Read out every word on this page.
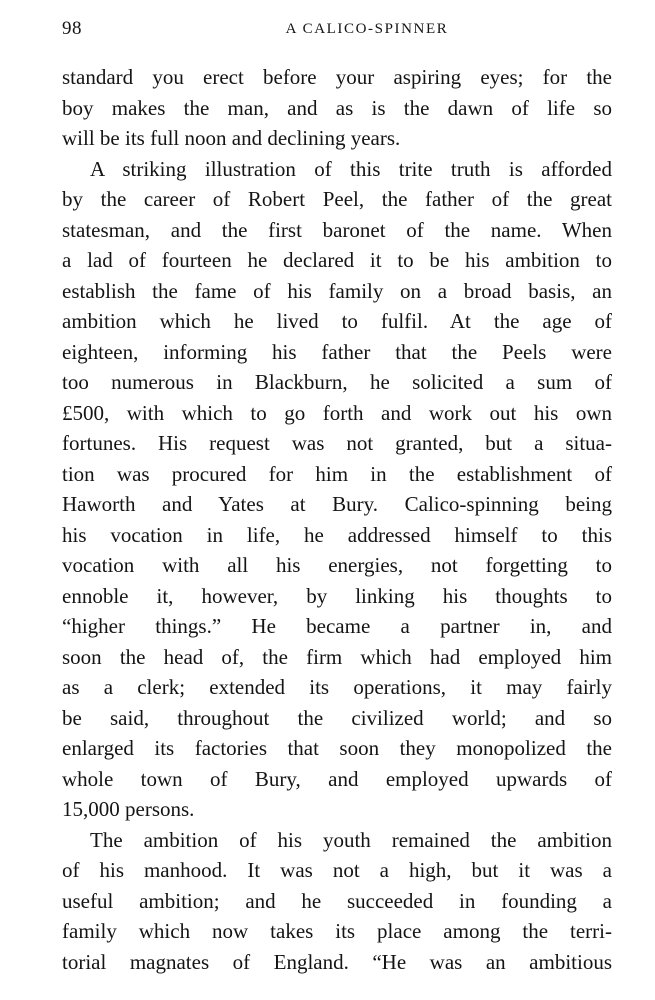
98	A CALICO-SPINNER
standard you erect before your aspiring eyes; for the
boy makes the man, and as is the dawn of life so
will be its full noon and declining years.
A striking illustration of this trite truth is afforded
by the career of Robert Peel, the father of the great
statesman, and the first baronet of the name. When
a lad of fourteen he declared it to be his ambition to
establish the fame of his family on a broad basis, an
ambition which he lived to fulfil. At the age of
eighteen, informing his father that the Peels were
too numerous in Blackburn, he solicited a sum of
£500, with which to go forth and work out his own
fortunes. His request was not granted, but a situa-
tion was procured for him in the establishment of
Haworth and Yates at Bury. Calico-spinning being
his vocation in life, he addressed himself to this
vocation with all his energies, not forgetting to
ennoble it, however, by linking his thoughts to
“higher things.” He became a partner in, and
soon the head of, the firm which had employed him
as a clerk; extended its operations, it may fairly
be said, throughout the civilized world; and so
enlarged its factories that soon they monopolized the
whole town of Bury, and employed upwards of
15,000 persons.
The ambition of his youth remained the ambition
of his manhood. It was not a high, but it was a
useful ambition; and he succeeded in founding a
family which now takes its place among the terri-
torial magnates of England. “He was an ambitious
